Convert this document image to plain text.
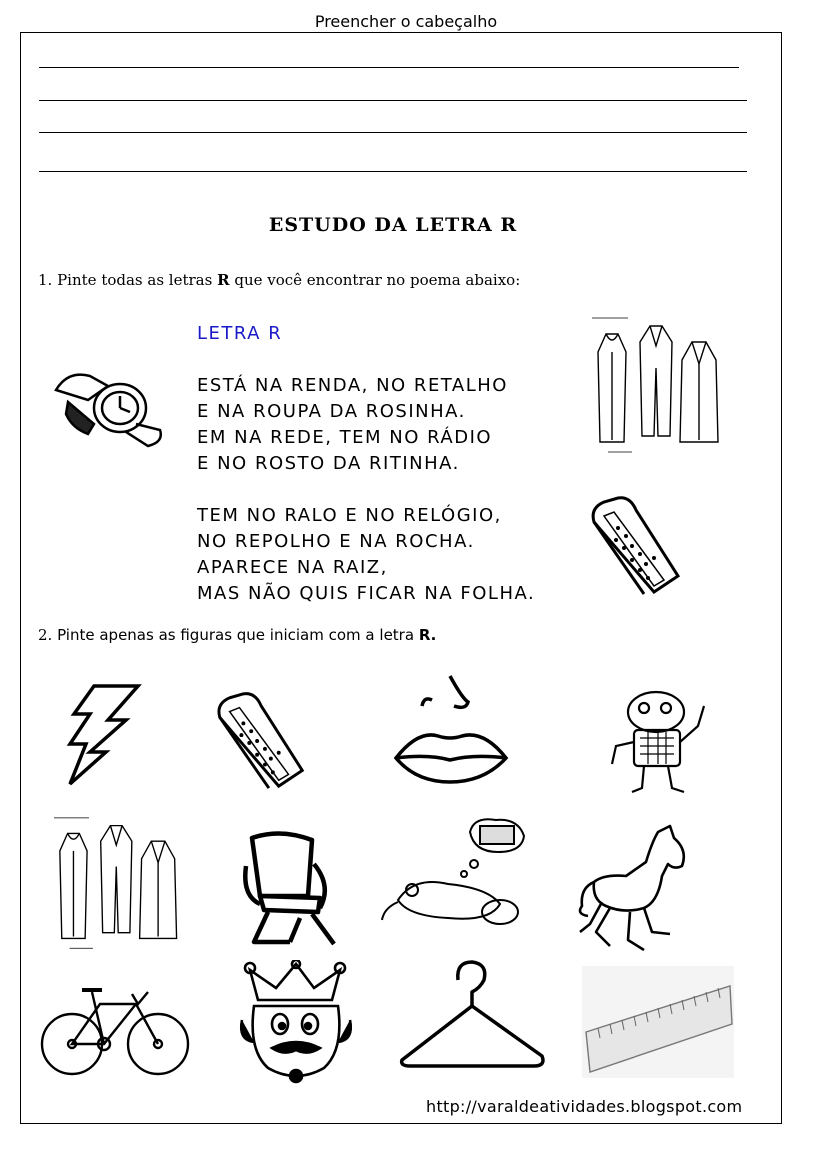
Preencher o cabeçalho
ESTUDO DA LETRA R
1. Pinte todas as letras R que você encontrar no poema abaixo:
LETRA R
ESTÁ NA RENDA, NO RETALHO
E NA ROUPA DA ROSINHA.
EM NA REDE, TEM NO RÁDIO
E NO ROSTO DA RITINHA.
TEM NO RALO E NO RELÓGIO,
NO REPOLHO E NA ROCHA.
APARECE NA RAIZ,
MAS NÃO QUIS FICAR NA FOLHA.
2. Pinte apenas as figuras que iniciam com a letra R.
http://varaldeatividades.blogspot.com
